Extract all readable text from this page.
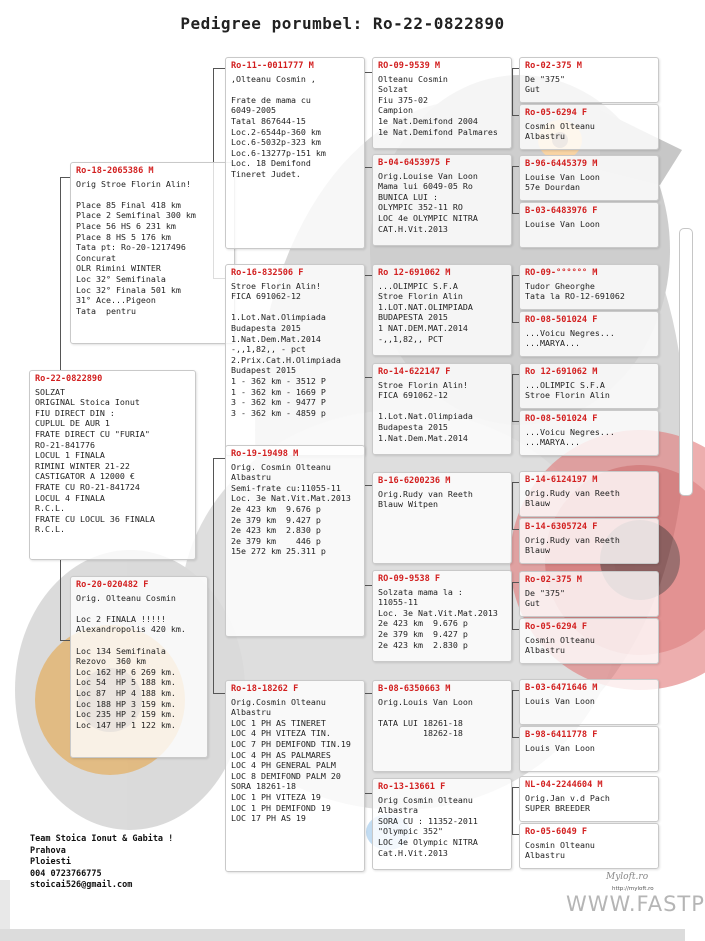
Pedigree porumbel: Ro-22-0822890
Ro-22-0822890
SOLZAT
ORIGINAL Stoica Ionut
FIU DIRECT DIN :
CUPLUL DE AUR 1
FRATE DIRECT CU "FURIA"
RO-21-841776
LOCUL 1 FINALA
RIMINI WINTER 21-22
CASTIGATOR A 12000 €
FRATE CU RO-21-841724
LOCUL 4 FINALA
R.C.L.
FRATE CU LOCUL 36 FINALA
R.C.L.
Ro-18-2065386 M
Orig Stroe Florin Alin!

Place 85 Final 418 km
Place 2 Semifinal 300 km
Place 56 HS 6 231 km
Place 8 HS 5 176 km
Tata pt: Ro-20-1217496
Concurat
OLR Rimini WINTER
Loc 32° Semifinala
Loc 32° Finala 501 km
31° Ace...Pigeon
Tata  pentru
Ro-20-020482 F
Orig. Olteanu Cosmin

Loc 2 FINALA !!!!!
Alexandropolis 420 km.

Loc 134 Semifinala
Rezovo  360 km
Loc 162 HP 6 269 km.
Loc 54  HP 5 188 km.
Loc 87  HP 4 188 km.
Loc 188 HP 3 159 km.
Loc 235 HP 2 159 km.
Loc 147 HP 1 122 km.
Ro-11--0011777 M
,Olteanu Cosmin ,

Frate de mama cu
6049-2005
Tatal 867644-15
Loc.2-6544p-360 km
Loc.6-5032p-323 km
Loc.6-13277p-151 km
Loc. 18 Demifond
Tineret Judet.
Ro-16-832506 F
Stroe Florin Alin!
FICA 691062-12

1.Lot.Nat.Olimpiada
Budapesta 2015
1.Nat.Dem.Mat.2014
-,,1,82,, - pct
2.Prix.Cat.H.Olimpiada
Budapest 2015
1 - 362 km - 3512 P
1 - 362 km - 1669 P
3 - 362 km - 9477 P
3 - 362 km - 4859 p
Ro-19-19498 M
Orig. Cosmin Olteanu
Albastru
Semi-frate cu:11055-11
Loc. 3e Nat.Vit.Mat.2013
2e 423 km  9.676 p
2e 379 km  9.427 p
2e 423 km  2.830 p
2e 379 km    446 p
15e 272 km 25.311 p
Ro-18-18262 F
Orig.Cosmin Olteanu
Albastru
LOC 1 PH AS TINERET
LOC 4 PH VITEZA TIN.
LOC 7 PH DEMIFOND TIN.19
LOC 4 PH AS PALMARES
LOC 4 PH GENERAL PALM
LOC 8 DEMIFOND PALM 20
SORA 18261-18
LOC 1 PH VITEZA 19
LOC 1 PH DEMIFOND 19
LOC 17 PH AS 19
RO-09-9539 M
Olteanu Cosmin
Solzat
Fiu 375-02
Campion
1e Nat.Demifond 2004
1e Nat.Demifond Palmares
B-04-6453975 F
Orig.Louise Van Loon
Mama lui 6049-05 Ro
BUNICA LUI :
OLYMPIC 352-11 RO
LOC 4e OLYMPIC NITRA
CAT.H.Vit.2013
Ro 12-691062 M
...OLIMPIC S.F.A
Stroe Florin Alin
1.LOT.NAT.OLIMPIADA
BUDAPESTA 2015
1 NAT.DEM.MAT.2014
-,,1,82,, PCT
Ro-14-622147 F
Stroe Florin Alin!
FICA 691062-12

1.Lot.Nat.Olimpiada
Budapesta 2015
1.Nat.Dem.Mat.2014
B-16-6200236 M
Orig.Rudy van Reeth
Blauw Witpen
RO-09-9538 F
Solzata mama la :
11055-11
Loc. 3e Nat.Vit.Mat.2013
2e 423 km  9.676 p
2e 379 km  9.427 p
2e 423 km  2.830 p
B-08-6350663 M
Orig.Louis Van Loon

TATA LUI 18261-18
18262-18
Ro-13-13661 F
Orig Cosmin Olteanu
Albastra
SORA CU : 11352-2011
"Olympic 352"
LOC 4e Olympic NITRA
Cat.H.Vit.2013
Ro-02-375 M
De "375"
Gut
Ro-05-6294 F
Cosmin Olteanu
Albastru
B-96-6445379 M
Louise Van Loon
57e Dourdan
B-03-6483976 F
Louise Van Loon
RO-09-°°°°°° M
Tudor Gheorghe
Tata la RO-12-691062
RO-08-501024 F
...Voicu Negres...
...MARYA...
Ro 12-691062 M
...OLIMPIC S.F.A
Stroe Florin Alin
RO-08-501024 F
...Voicu Negres...
...MARYA...
B-14-6124197 M
Orig.Rudy van Reeth
Blauw
B-14-6305724 F
Orig.Rudy van Reeth
Blauw
Ro-02-375 M
De "375"
Gut
Ro-05-6294 F
Cosmin Olteanu
Albastru
B-03-6471646 M
Louis Van Loon
B-98-6411778 F
Louis Van Loon
NL-04-2244604 M
Orig.Jan v.d Pach
SUPER BREEDER
Ro-05-6049 F
Cosmin Olteanu
Albastru
Team Stoica Ionut & Gabita !
Prahova
Ploiesti
004 0723766775
stoicai526@gmail.com
Myloft.ro
http://myloft.ro
WWW.FASTP
